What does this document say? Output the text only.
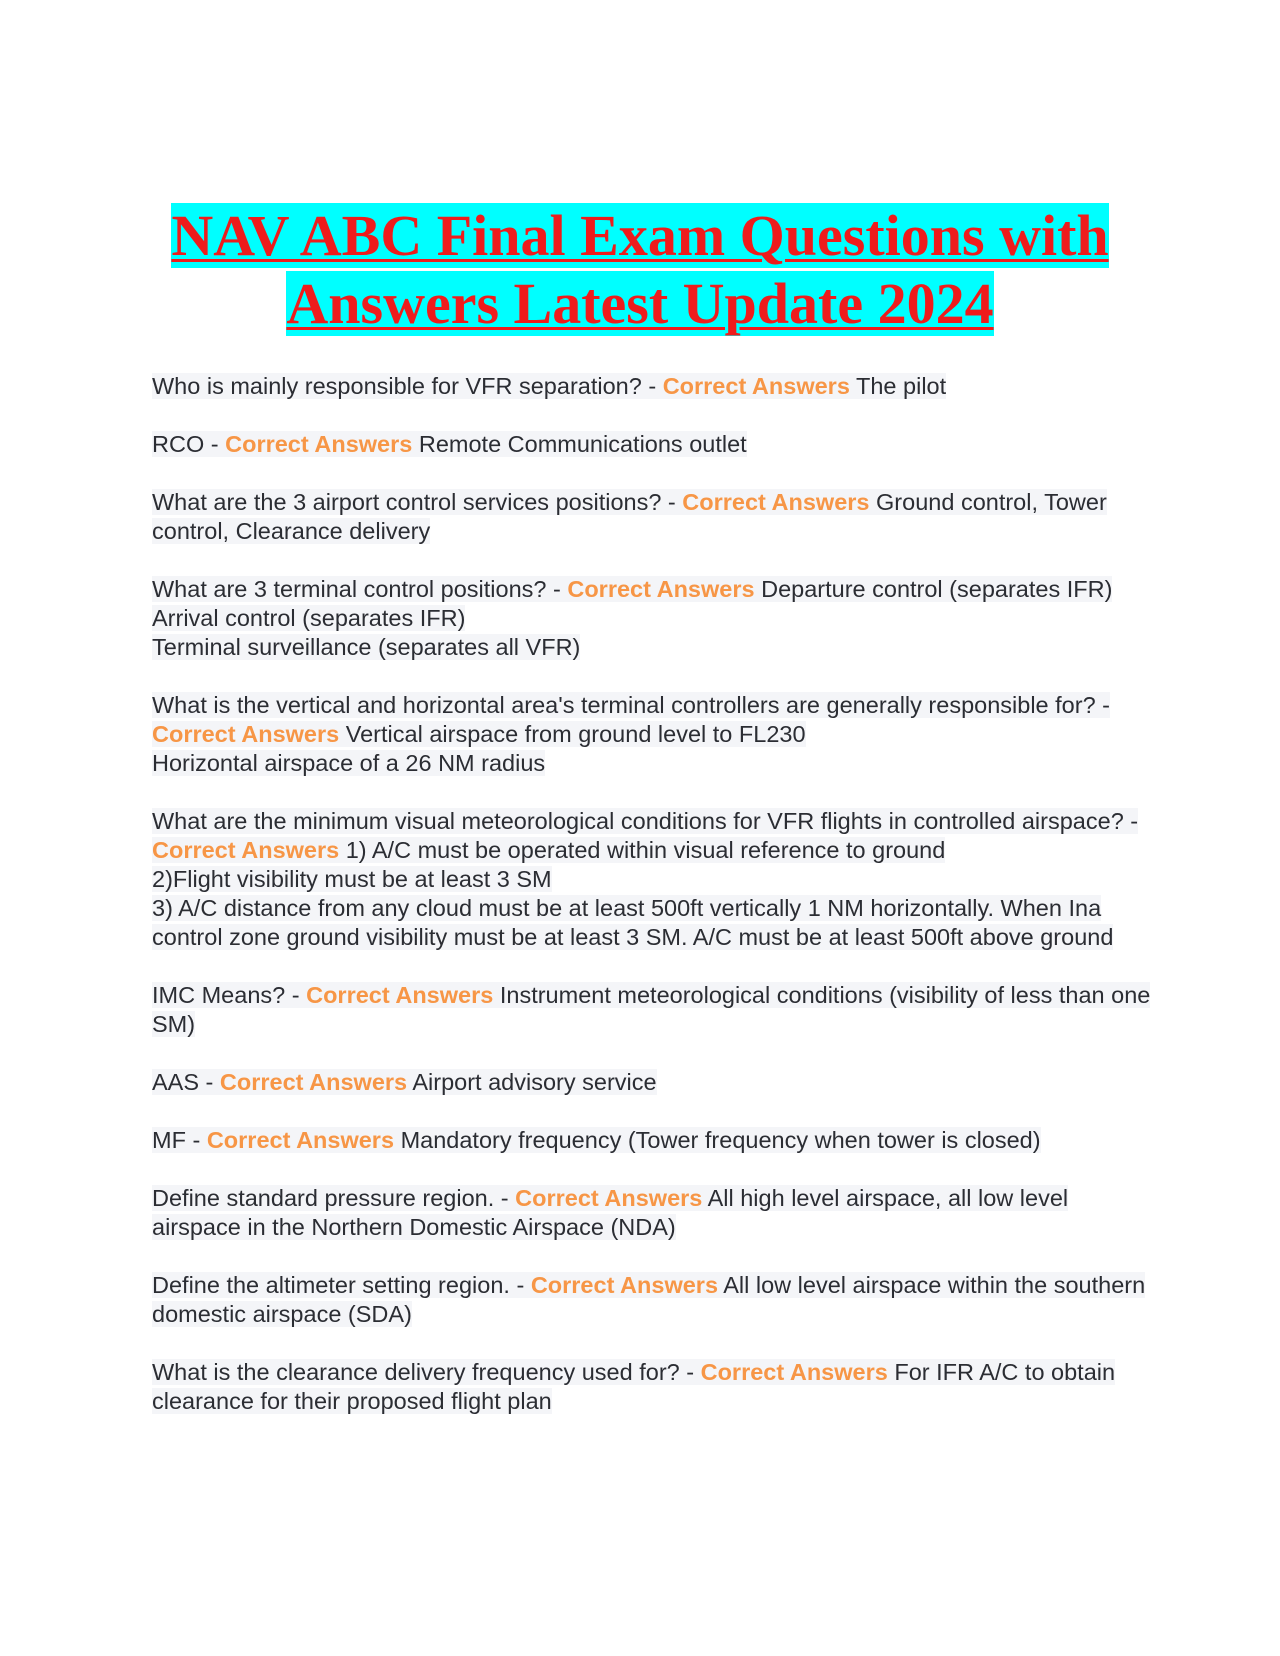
NAV ABC Final Exam Questions with
Answers Latest Update 2024
Who is mainly responsible for VFR separation? - Correct Answers The pilot
RCO - Correct Answers Remote Communications outlet
What are the 3 airport control services positions? - Correct Answers Ground control, Tower control, Clearance delivery
What are 3 terminal control positions? - Correct Answers Departure control (separates IFR)
Arrival control (separates IFR)
Terminal surveillance (separates all VFR)
What is the vertical and horizontal area's terminal controllers are generally responsible for? - Correct Answers Vertical airspace from ground level to FL230
Horizontal airspace of a 26 NM radius
What are the minimum visual meteorological conditions for VFR flights in controlled airspace? - Correct Answers 1) A/C must be operated within visual reference to ground
2)Flight visibility must be at least 3 SM
3) A/C distance from any cloud must be at least 500ft vertically 1 NM horizontally. When Ina control zone ground visibility must be at least 3 SM. A/C must be at least 500ft above ground
IMC Means? - Correct Answers Instrument meteorological conditions (visibility of less than one SM)
AAS - Correct Answers Airport advisory service
MF - Correct Answers Mandatory frequency (Tower frequency when tower is closed)
Define standard pressure region. - Correct Answers All high level airspace, all low level airspace in the Northern Domestic Airspace (NDA)
Define the altimeter setting region. - Correct Answers All low level airspace within the southern domestic airspace (SDA)
What is the clearance delivery frequency used for? - Correct Answers For IFR A/C to obtain clearance for their proposed flight plan
